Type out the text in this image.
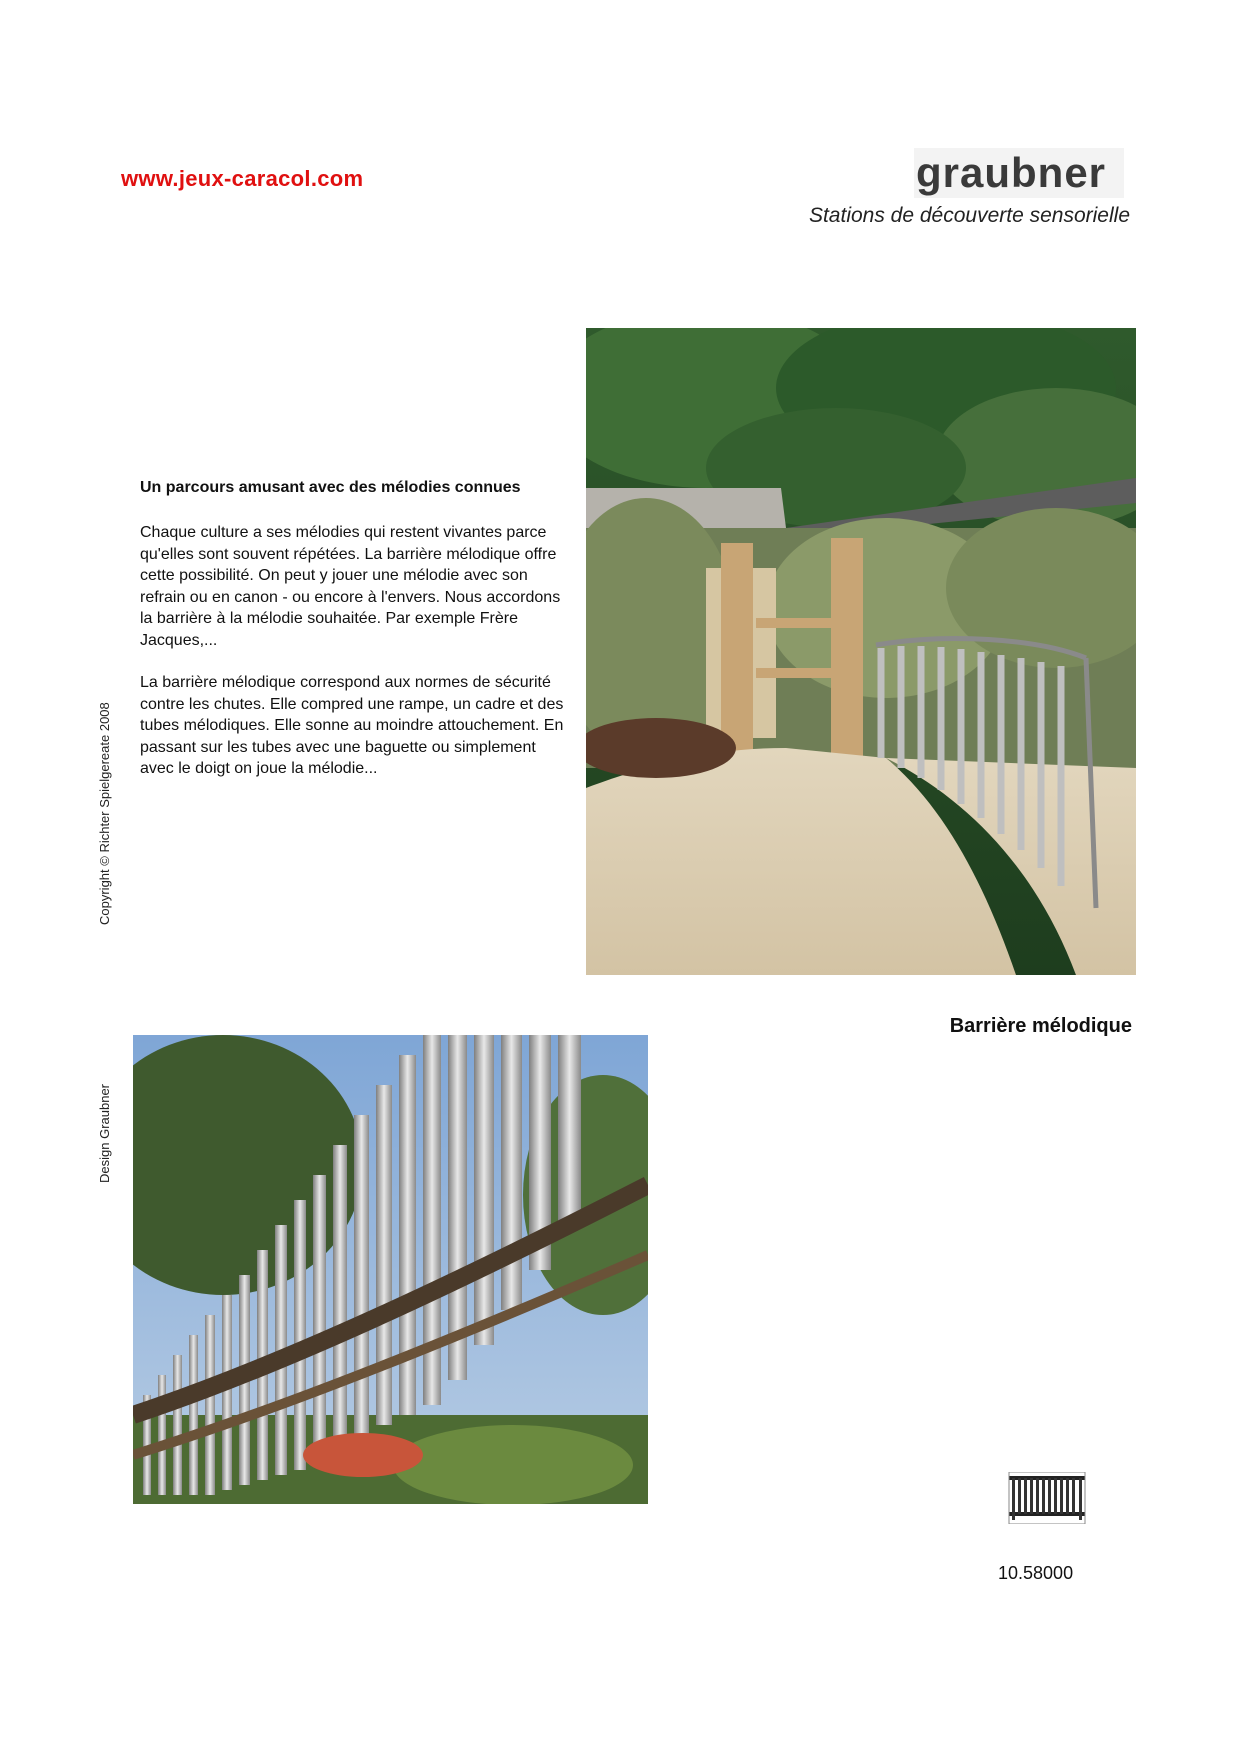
www.jeux-caracol.com	graubner
Stations de découverte sensorielle
Un parcours amusant avec des mélodies connues

Chaque culture a ses mélodies qui restent vivantes parce qu'elles sont souvent répétées. La barrière mélodique offre cette possibilité. On peut y jouer une mélodie avec son refrain ou en canon - ou encore à l'envers. Nous accordons la barrière à la mélodie souhaitée. Par exemple Frère Jacques,...

La barrière mélodique correspond aux normes de sécurité contre les chutes. Elle compred une rampe, un cadre et des tubes mélodiques. Elle sonne au moindre attouchement. En passant sur les tubes avec une baguette ou simplement avec le doigt on joue la mélodie...

Copyright © Richter Spielgereate 2008
Design Graubner
Barrière mélodique
10.58000
